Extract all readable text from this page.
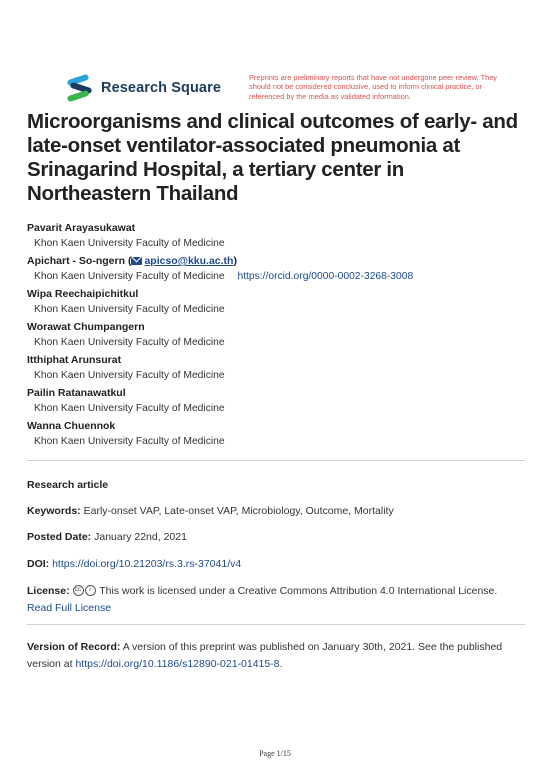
Research Square
Preprints are preliminary reports that have not undergone peer review. They should not be considered conclusive, used to inform clinical practice, or referenced by the media as validated information.
Microorganisms and clinical outcomes of early- and late-onset ventilator-associated pneumonia at Srinagarind Hospital, a tertiary center in Northeastern Thailand
Pavarit Arayasukawat
Khon Kaen University Faculty of Medicine
Apichart - So-ngern ( apicso@kku.ac.th)
Khon Kaen University Faculty of Medicine https://orcid.org/0000-0002-3268-3008
Wipa Reechaipichitkul
Khon Kaen University Faculty of Medicine
Worawat Chumpangern
Khon Kaen University Faculty of Medicine
Itthiphat Arunsurat
Khon Kaen University Faculty of Medicine
Pailin Ratanawatkul
Khon Kaen University Faculty of Medicine
Wanna Chuennok
Khon Kaen University Faculty of Medicine
Research article
Keywords: Early-onset VAP, Late-onset VAP, Microbiology, Outcome, Mortality
Posted Date: January 22nd, 2021
DOI: https://doi.org/10.21203/rs.3.rs-37041/v4
License: cc i This work is licensed under a Creative Commons Attribution 4.0 International License.
Read Full License
Version of Record: A version of this preprint was published on January 30th, 2021. See the published version at https://doi.org/10.1186/s12890-021-01415-8.
Page 1/15
